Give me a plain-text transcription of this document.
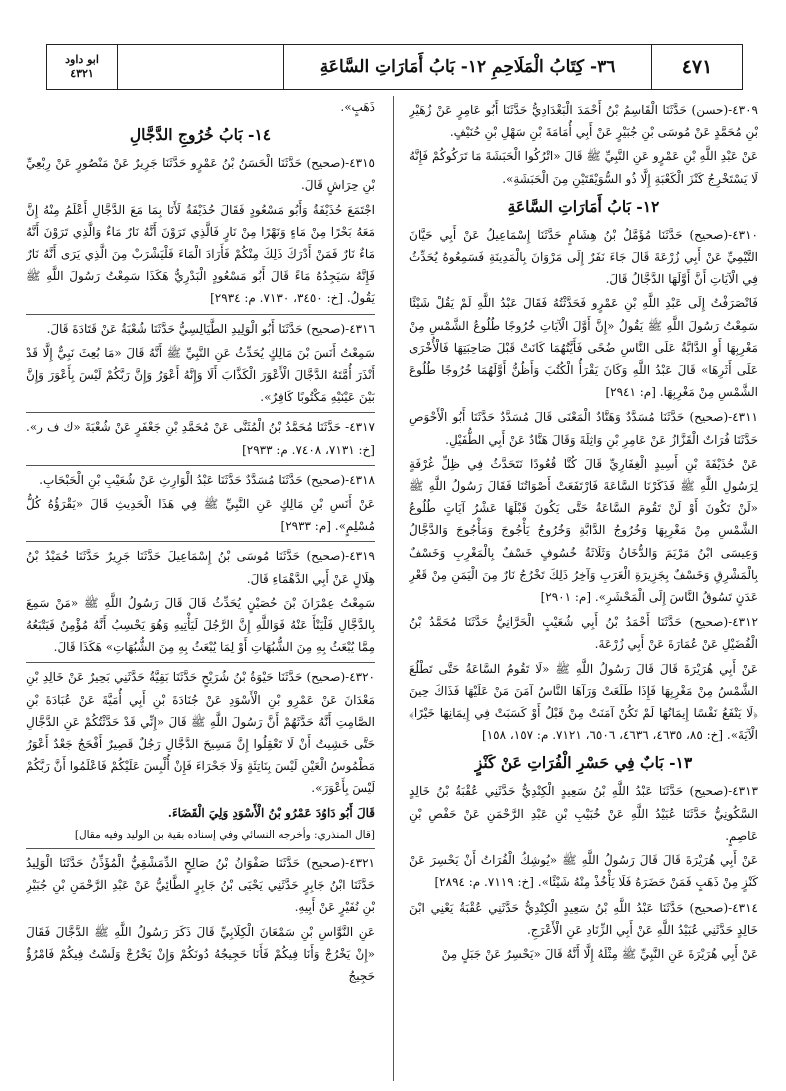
٤٧١
٣٦- كِتَابُ الْمَلَاحِمِ ١٢- بَابُ أَمَارَاتِ السَّاعَةِ
ابو داود
٤٣٢١

٤٣٠٩-(حسن) حَدَّثَنَا الْقَاسِمُ بْنُ أَحْمَدَ الْبَغْدَادِيُّ حَدَّثَنَا أَبُو عَامِرٍ عَنْ زُهَيْرِ بْنِ مُحَمَّدٍ عَنْ مُوسَى بْنِ جُبَيْرٍ عَنْ أَبِي أُمَامَةَ بْنِ سَهْلِ بْنِ حُنَيْفٍ.

عَنْ عَبْدِ اللَّهِ بْنِ عَمْرٍو عَنِ النَّبِيِّ ﷺ قَالَ «اتْرُكُوا الْحَبَشَةَ مَا تَرَكُوكُمْ فَإِنَّهُ لَا يَسْتَخْرِجُ كَنْزَ الْكَعْبَةِ إِلَّا ذُو السُّوَيْقَتَيْنِ مِنَ الْحَبَشَةِ».

١٢- بَابُ أَمَارَاتِ السَّاعَةِ

٤٣١٠-(صحيح) حَدَّثَنَا مُؤَمَّلُ بْنُ هِشَامٍ حَدَّثَنَا إِسْمَاعِيلُ عَنْ أَبِي حَيَّانَ التَّيْمِيِّ عَنْ أَبِي زُرْعَةَ قَالَ جَاءَ نَفَرٌ إِلَى مَرْوَانَ بِالْمَدِينَةِ فَسَمِعُوهُ يُحَدِّثُ فِي الْآيَاتِ أَنَّ أَوَّلَهَا الدَّجَّالُ قَالَ.

فَانْصَرَفْتُ إِلَى عَبْدِ اللَّهِ بْنِ عَمْرٍو فَحَدَّثْتُهُ فَقَالَ عَبْدُ اللَّهِ لَمْ يَقُلْ شَيْئًا سَمِعْتُ رَسُولَ اللَّهِ ﷺ يَقُولُ «إِنَّ أَوَّلَ الْآيَاتِ خُرُوجًا طُلُوعُ الشَّمْسِ مِنْ مَغْرِبِهَا أَوِ الدَّابَّةُ عَلَى النَّاسِ ضُحًى فَأَيَّتُهُمَا كَانَتْ قَبْلَ صَاحِبَتِهَا فَالْأُخْرَى عَلَى أَثَرِهَا» قَالَ عَبْدُ اللَّهِ وَكَانَ يَقْرَأُ الْكُتُبَ وَأَظُنُّ أَوَّلَهُمَا خُرُوجًا طُلُوعَ الشَّمْسِ مِنْ مَغْرِبِهَا. [م: ٢٩٤١]

٤٣١١-(صحيح) حَدَّثَنَا مُسَدَّدٌ وَهَنَّادٌ الْمَعْنَى قَالَ مُسَدَّدٌ حَدَّثَنَا أَبُو الْأَحْوَصِ حَدَّثَنَا فُرَاتٌ الْقَزَّازُ عَنْ عَامِرِ بْنِ وَاثِلَةَ وَقَالَ هَنَّادٌ عَنْ أَبِي الطُّفَيْلِ.

عَنْ حُذَيْفَةَ بْنِ أَسِيدٍ الْغِفَارِيِّ قَالَ كُنَّا قُعُودًا نَتَحَدَّثُ فِي ظِلِّ غُرْفَةٍ لِرَسُولِ اللَّهِ ﷺ فَذَكَرْنَا السَّاعَةَ فَارْتَفَعَتْ أَصْوَاتُنَا فَقَالَ رَسُولُ اللَّهِ ﷺ «لَنْ تَكُونَ أَوْ لَنْ تَقُومَ السَّاعَةُ حَتَّى يَكُونَ قَبْلَهَا عَشْرُ آيَاتٍ طُلُوعُ الشَّمْسِ مِنْ مَغْرِبِهَا وَخُرُوجُ الدَّابَّةِ وَخُرُوجُ يَأْجُوجَ وَمَأْجُوجَ وَالدَّجَّالُ وَعِيسَى ابْنُ مَرْيَمَ وَالدُّخَانُ وَثَلَاثَةُ خُسُوفٍ خَسْفٌ بِالْمَغْرِبِ وَخَسْفٌ بِالْمَشْرِقِ وَخَسْفٌ بِجَزِيرَةِ الْعَرَبِ وَآخِرُ ذَلِكَ تَخْرُجُ نَارٌ مِنَ الْيَمَنِ مِنْ قَعْرِ عَدَنٍ تَسُوقُ النَّاسَ إِلَى الْمَحْشَرِ». [م: ٢٩٠١]

٤٣١٢-(صحيح) حَدَّثَنَا أَحْمَدُ بْنُ أَبِي شُعَيْبٍ الْحَرَّانِيُّ حَدَّثَنَا مُحَمَّدُ بْنُ الْفُضَيْلِ عَنْ عُمَارَةَ عَنْ أَبِي زُرْعَةَ.

عَنْ أَبِي هُرَيْرَةَ قَالَ قَالَ رَسُولُ اللَّهِ ﷺ «لَا تَقُومُ السَّاعَةُ حَتَّى تَطْلُعَ الشَّمْسُ مِنْ مَغْرِبِهَا فَإِذَا طَلَعَتْ وَرَآهَا النَّاسُ آمَنَ مَنْ عَلَيْهَا فَذَاكَ حِينَ ﴿لَا يَنْفَعُ نَفْسًا إِيمَانُهَا لَمْ تَكُنْ آمَنَتْ مِنْ قَبْلُ أَوْ كَسَبَتْ فِي إِيمَانِهَا خَيْرًا﴾ الْآيَةَ». [خ: ٨٥، ٤٦٣٥، ٤٦٣٦، ٦٥٠٦، ٧١٢١. م: ١٥٧، ١٥٨]

١٣- بَابٌ فِي حَسْرِ الْفُرَاتِ عَنْ كَنْزٍ

٤٣١٣-(صحيح) حَدَّثَنَا عَبْدُ اللَّهِ بْنُ سَعِيدٍ الْكِنْدِيُّ حَدَّثَنِي عُقْبَةُ بْنُ خَالِدٍ السَّكُونِيُّ حَدَّثَنَا عُبَيْدُ اللَّهِ عَنْ خُبَيْبِ بْنِ عَبْدِ الرَّحْمَنِ عَنْ حَفْصِ بْنِ عَاصِمٍ.

عَنْ أَبِي هُرَيْرَةَ قَالَ قَالَ رَسُولُ اللَّهِ ﷺ «يُوشِكُ الْفُرَاتُ أَنْ يَحْسِرَ عَنْ كَنْزٍ مِنْ ذَهَبٍ فَمَنْ حَضَرَهُ فَلَا يَأْخُذْ مِنْهُ شَيْئًا». [خ: ٧١١٩. م: ٢٨٩٤]

٤٣١٤-(صحيح) حَدَّثَنَا عَبْدُ اللَّهِ بْنُ سَعِيدٍ الْكِنْدِيُّ حَدَّثَنِي عُقْبَةُ يَعْنِي ابْنَ خَالِدٍ حَدَّثَنِي عُبَيْدُ اللَّهِ عَنْ أَبِي الزِّنَادِ عَنِ الْأَعْرَجِ.

عَنْ أَبِي هُرَيْرَةَ عَنِ النَّبِيِّ ﷺ مِثْلَهُ إِلَّا أَنَّهُ قَالَ «يَحْسِرُ عَنْ جَبَلٍ مِنْ

ذَهَبٍ».

١٤- بَابُ خُرُوجِ الدَّجَّالِ

٤٣١٥-(صحيح) حَدَّثَنَا الْحَسَنُ بْنُ عَمْرٍو حَدَّثَنَا جَرِيرٌ عَنْ مَنْصُورٍ عَنْ رِبْعِيِّ بْنِ حِرَاشٍ قَالَ.

اجْتَمَعَ حُذَيْفَةُ وَأَبُو مَسْعُودٍ فَقَالَ حُذَيْفَةُ لَأَنَا بِمَا مَعَ الدَّجَّالِ أَعْلَمُ مِنْهُ إِنَّ مَعَهُ بَحْرًا مِنْ مَاءٍ وَنَهْرًا مِنْ نَارٍ فَالَّذِي تَرَوْنَ أَنَّهُ نَارٌ مَاءٌ وَالَّذِي تَرَوْنَ أَنَّهُ مَاءٌ نَارٌ فَمَنْ أَدْرَكَ ذَلِكَ مِنْكُمْ فَأَرَادَ الْمَاءَ فَلْيَشْرَبْ مِنَ الَّذِي يَرَى أَنَّهُ نَارٌ فَإِنَّهُ سَيَجِدُهُ مَاءً قَالَ أَبُو مَسْعُودٍ الْبَدْرِيُّ هَكَذَا سَمِعْتُ رَسُولَ اللَّهِ ﷺ يَقُولُ. [خ: ٣٤٥٠، ٧١٣٠. م: ٢٩٣٤]

٤٣١٦-(صحيح) حَدَّثَنَا أَبُو الْوَلِيدِ الطَّيَالِسِيُّ حَدَّثَنَا شُعْبَةُ عَنْ قَتَادَةَ قَالَ.

سَمِعْتُ أَنَسَ بْنَ مَالِكٍ يُحَدِّثُ عَنِ النَّبِيِّ ﷺ أَنَّهُ قَالَ «مَا بُعِثَ نَبِيٌّ إِلَّا قَدْ أَنْذَرَ أُمَّتَهُ الدَّجَّالَ الْأَعْوَرَ الْكَذَّابَ أَلَا وَإِنَّهُ أَعْوَرُ وَإِنَّ رَبَّكُمْ لَيْسَ بِأَعْوَرَ وَإِنَّ بَيْنَ عَيْنَيْهِ مَكْتُوبًا كَافِرٌ».

٤٣١٧- حَدَّثَنَا مُحَمَّدُ بْنُ الْمُثَنَّى عَنْ مُحَمَّدِ بْنِ جَعْفَرٍ عَنْ شُعْبَةَ «ك ف ر». [خ: ٧١٣١، ٧٤٠٨. م: ٢٩٣٣]

٤٣١٨-(صحيح) حَدَّثَنَا مُسَدَّدٌ حَدَّثَنَا عَبْدُ الْوَارِثِ عَنْ شُعَيْبِ بْنِ الْحَبْحَابِ.

عَنْ أَنَسِ بْنِ مَالِكٍ عَنِ النَّبِيِّ ﷺ فِي هَذَا الْحَدِيثِ قَالَ «يَقْرَؤُهُ كُلُّ مُسْلِمٍ». [م: ٢٩٣٣]

٤٣١٩-(صحيح) حَدَّثَنَا مُوسَى بْنُ إِسْمَاعِيلَ حَدَّثَنَا جَرِيرٌ حَدَّثَنَا حُمَيْدُ بْنُ هِلَالٍ عَنْ أَبِي الدَّهْمَاءِ قَالَ.

سَمِعْتُ عِمْرَانَ بْنَ حُصَيْنٍ يُحَدِّثُ قَالَ قَالَ رَسُولُ اللَّهِ ﷺ «مَنْ سَمِعَ بِالدَّجَّالِ فَلْيَنْأَ عَنْهُ فَوَاللَّهِ إِنَّ الرَّجُلَ لَيَأْتِيهِ وَهُوَ يَحْسِبُ أَنَّهُ مُؤْمِنٌ فَيَتْبَعُهُ مِمَّا يُبْعَثُ بِهِ مِنَ الشُّبُهَاتِ أَوْ لِمَا يُبْعَثُ بِهِ مِنَ الشُّبُهَاتِ» هَكَذَا قَالَ.

٤٣٢٠-(صحيح) حَدَّثَنَا حَيْوَةُ بْنُ شُرَيْحٍ حَدَّثَنَا بَقِيَّةُ حَدَّثَنِي بَحِيرٌ عَنْ خَالِدِ بْنِ مَعْدَانَ عَنْ عَمْرِو بْنِ الْأَسْوَدِ عَنْ جُنَادَةَ بْنِ أَبِي أُمَيَّةَ عَنْ عُبَادَةَ بْنِ الصَّامِتِ أَنَّهُ حَدَّثَهُمْ أَنَّ رَسُولَ اللَّهِ ﷺ قَالَ «إِنِّي قَدْ حَدَّثْتُكُمْ عَنِ الدَّجَّالِ حَتَّى خَشِيتُ أَنْ لَا تَعْقِلُوا إِنَّ مَسِيحَ الدَّجَّالِ رَجُلٌ قَصِيرٌ أَفْحَجُ جَعْدٌ أَعْوَرُ مَطْمُوسُ الْعَيْنِ لَيْسَ بِنَاتِئَةٍ وَلَا جَحْرَاءَ فَإِنْ أُلْبِسَ عَلَيْكُمْ فَاعْلَمُوا أَنَّ رَبَّكُمْ لَيْسَ بِأَعْوَرَ».

قَالَ أَبُو دَاوُدَ عَمْرُو بْنُ الْأَسْوَدِ وَلِيَ الْقَضَاءَ.

[قال المنذري: وأخرجه النسائي وفي إسناده بقية بن الوليد وفيه مقال]

٤٣٢١-(صحيح) حَدَّثَنَا صَفْوَانُ بْنُ صَالِحٍ الدِّمَشْقِيُّ الْمُؤَذِّنُ حَدَّثَنَا الْوَلِيدُ حَدَّثَنَا ابْنُ جَابِرٍ حَدَّثَنِي يَحْيَى بْنُ جَابِرٍ الطَّائِيُّ عَنْ عَبْدِ الرَّحْمَنِ بْنِ جُبَيْرِ بْنِ نُفَيْرٍ عَنْ أَبِيهِ.

عَنِ النَّوَّاسِ بْنِ سَمْعَانَ الْكِلَابِيِّ قَالَ ذَكَرَ رَسُولُ اللَّهِ ﷺ الدَّجَّالَ فَقَالَ «إِنْ يَخْرُجْ وَأَنَا فِيكُمْ فَأَنَا حَجِيجُهُ دُونَكُمْ وَإِنْ يَخْرُجْ وَلَسْتُ فِيكُمْ فَامْرُؤٌ حَجِيجُ
